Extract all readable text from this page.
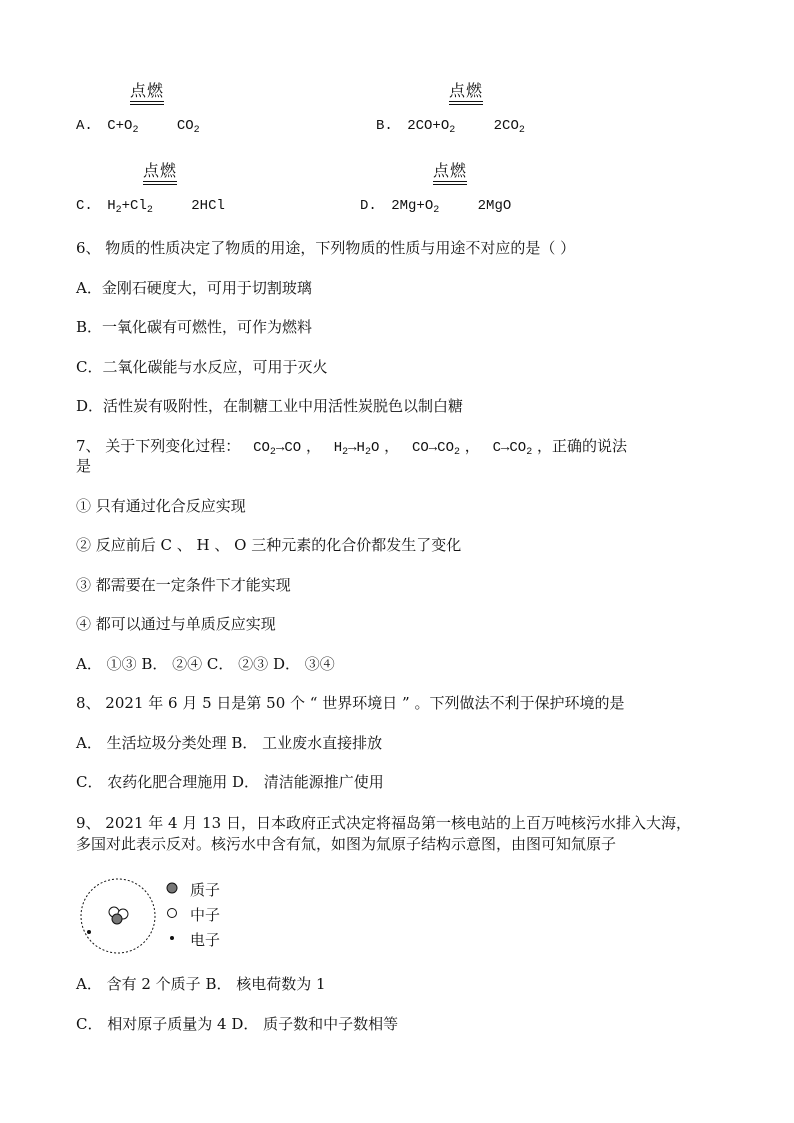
点燃
A. $C+O_2$	$CO_2$
点燃
B. $2CO+O_2$	$2CO_2$
点燃
C. $H_2+Cl_2$	2HCl
点燃
D. $2Mg+O_2$	2MgO
6、 物质的性质决定了物质的用途，下列物质的性质与用途不对应的是（ ）
A．金刚石硬度大，可用于切割玻璃
B．一氧化碳有可燃性，可作为燃料
C．二氧化碳能与水反应，可用于灭火
D．活性炭有吸附性，在制糖工业中用活性炭脱色以制白糖
7、 关于下列变化过程： $CO_2\to CO$ ， $H_2\to H_2O$ ， $CO\to CO_2$ ， $C\to CO_2$ ，正确的说法
是
① 只有通过化合反应实现
② 反应前后 C 、 H 、 O 三种元素的化合价都发生了变化
③ 都需要在一定条件下才能实现
④ 都可以通过与单质反应实现
A． ①③ B． ②④ C． ②③ D． ③④
8、 2021 年 6 月 5 日是第 50 个 “ 世界环境日 ” 。下列做法不利于保护环境的是
A． 生活垃圾分类处理 B． 工业废水直接排放
C． 农药化肥合理施用 D． 清洁能源推广使用
9、 2021 年 4 月 13 日，日本政府正式决定将福岛第一核电站的上百万吨核污水排入大海，
多国对此表示反对。核污水中含有氚，如图为氚原子结构示意图，由图可知氚原子
质子
中子
电子
A． 含有 2 个质子 B． 核电荷数为 1
C． 相对原子质量为 4 D． 质子数和中子数相等
